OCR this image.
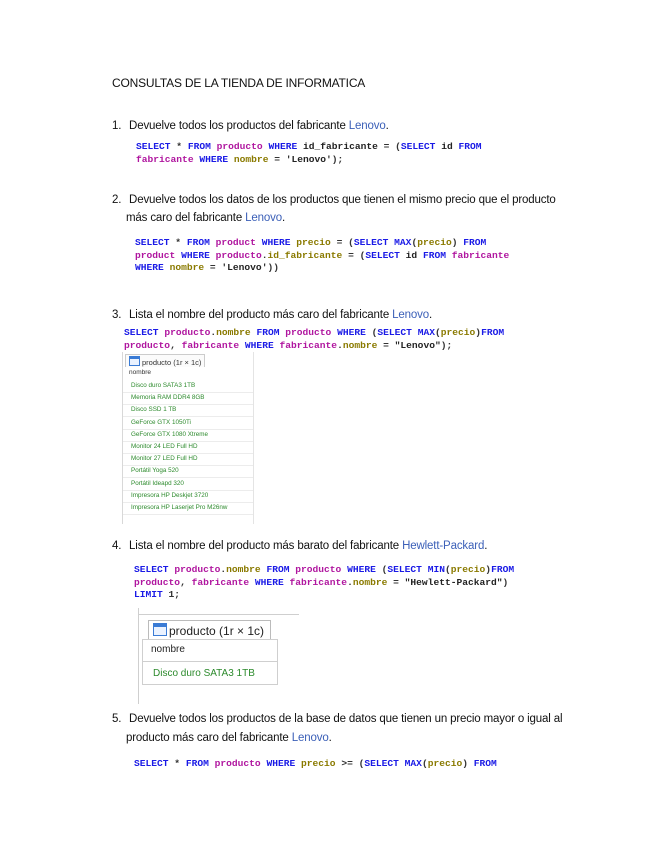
CONSULTAS DE LA TIENDA DE INFORMATICA
1. Devuelve todos los productos del fabricante Lenovo.
SELECT * FROM producto WHERE id_fabricante = (SELECT id FROM
fabricante WHERE nombre = 'Lenovo');
2. Devuelve todos los datos de los productos que tienen el mismo precio que el producto
más caro del fabricante Lenovo.
SELECT * FROM product WHERE precio = (SELECT MAX(precio) FROM
product WHERE producto.id_fabricante = (SELECT id FROM fabricante
WHERE nombre = 'Lenovo'))
3. Lista el nombre del producto más caro del fabricante Lenovo.
SELECT producto.nombre FROM producto WHERE (SELECT MAX(precio)FROM
producto, fabricante WHERE fabricante.nombre = "Lenovo");
producto (1r × 1c)
nombre
Disco duro SATA3 1TB
Memoria RAM DDR4 8GB
Disco SSD 1 TB
GeForce GTX 1050Ti
GeForce GTX 1080 Xtreme
Monitor 24 LED Full HD
Monitor 27 LED Full HD
Portátil Yoga 520
Portátil Ideapd 320
Impresora HP Deskjet 3720
Impresora HP Laserjet Pro M26nw
4. Lista el nombre del producto más barato del fabricante Hewlett-Packard.
SELECT producto.nombre FROM producto WHERE (SELECT MIN(precio)FROM
producto, fabricante WHERE fabricante.nombre = "Hewlett-Packard")
LIMIT 1;
producto (1r × 1c)
nombre
Disco duro SATA3 1TB
5. Devuelve todos los productos de la base de datos que tienen un precio mayor o igual al
producto más caro del fabricante Lenovo.
SELECT * FROM producto WHERE precio >= (SELECT MAX(precio) FROM
